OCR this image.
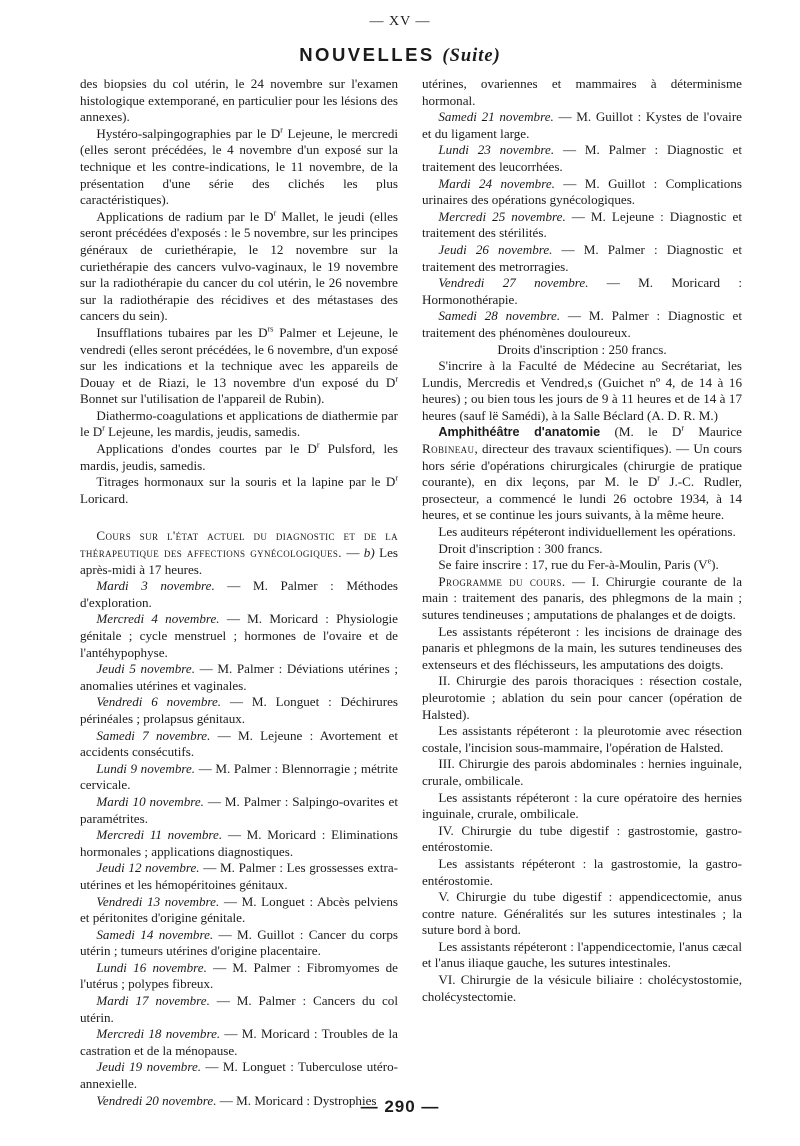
— XV —
NOUVELLES (Suite)

des biopsies du col utérin, le 24 novembre sur l'examen histologique extemporané, en particulier pour les lésions des annexes).

Hystéro-salpingographies par le $D^r$ Lejeune, le mercredi (elles seront précédées, le 4 novembre d'un exposé sur la technique et les contre-indications, le 11 novembre, de la présentation d'une série des clichés les plus caractéristiques).

Applications de radium par le $D^r$ Mallet, le jeudi (elles seront précédées d'exposés : le 5 novembre, sur les principes généraux de curiethérapie, le 12 novembre sur la curiethérapie des cancers vulvo-vaginaux, le 19 novembre sur la radiothérapie du cancer du col utérin, le 26 novembre sur la radiothérapie des récidives et des métastases des cancers du sein).

Insufflations tubaires par les $D^{rs}$ Palmer et Lejeune, le vendredi (elles seront précédées, le 6 novembre, d'un exposé sur les indications et la technique avec les appareils de Douay et de Riazi, le 13 novembre d'un exposé du $D^r$ Bonnet sur l'utilisation de l'appareil de Rubin).

Diathermo-coagulations et applications de diathermie par le $D^r$ Lejeune, les mardis, jeudis, samedis.

Applications d'ondes courtes par le $D^r$ Pulsford, les mardis, jeudis, samedis.

Titrages hormonaux sur la souris et la lapine par le $D^r$ Loricard.

Cours sur l'état actuel du diagnostic et de la thérapeutique des affections gynécologiques. — b) Les après-midi à 17 heures.

Mardi 3 novembre. — M. Palmer : Méthodes d'exploration.

Mercredi 4 novembre. — M. Moricard : Physiologie génitale ; cycle menstruel ; hormones de l'ovaire et de l'antéhypophyse.

Jeudi 5 novembre. — M. Palmer : Déviations utérines ; anomalies utérines et vaginales.

Vendredi 6 novembre. — M. Longuet : Déchirures périnéales ; prolapsus génitaux.

Samedi 7 novembre. — M. Lejeune : Avortement et accidents consécutifs.

Lundi 9 novembre. — M. Palmer : Blennorragie ; métrite cervicale.

Mardi 10 novembre. — M. Palmer : Salpingo-ovarites et paramétrites.

Mercredi 11 novembre. — M. Moricard : Eliminations hormonales ; applications diagnostiques.

Jeudi 12 novembre. — M. Palmer : Les grossesses extra-utérines et les hémopéritoines génitaux.

Vendredi 13 novembre. — M. Longuet : Abcès pelviens et péritonites d'origine génitale.

Samedi 14 novembre. — M. Guillot : Cancer du corps utérin ; tumeurs utérines d'origine placentaire.

Lundi 16 novembre. — M. Palmer : Fibromyomes de l'utérus ; polypes fibreux.

Mardi 17 novembre. — M. Palmer : Cancers du col utérin.

Mercredi 18 novembre. — M. Moricard : Troubles de la castration et de la ménopause.

Jeudi 19 novembre. — M. Longuet : Tuberculose utéro-annexielle.

Vendredi 20 novembre. — M. Moricard : Dystrophies

utérines, ovariennes et mammaires à déterminisme hormonal.

Samedi 21 novembre. — M. Guillot : Kystes de l'ovaire et du ligament large.

Lundi 23 novembre. — M. Palmer : Diagnostic et traitement des leucorrhées.

Mardi 24 novembre. — M. Guillot : Complications urinaires des opérations gynécologiques.

Mercredi 25 novembre. — M. Lejeune : Diagnostic et traitement des stérilités.

Jeudi 26 novembre. — M. Palmer : Diagnostic et traitement des metrorragies.

Vendredi 27 novembre. — M. Moricard : Hormonothérapie.

Samedi 28 novembre. — M. Palmer : Diagnostic et traitement des phénomènes douloureux.

Droits d'inscription : 250 francs.

S'incrire à la Faculté de Médecine au Secrétariat, les Lundis, Mercredis et Vendred,s (Guichet nº 4, de 14 à 16 heures) ; ou bien tous les jours de 9 à 11 heures et de 14 à 17 heures (sauf lë Samédi), à la Salle Béclard (A. D. R. M.)

Amphithéâtre d'anatomie (M. le $D^r$ Maurice Robineau, directeur des travaux scientifiques). — Un cours hors série d'opérations chirurgicales (chirurgie de pratique courante), en dix leçons, par M. le $D^r$ J.-C. Rudler, prosecteur, a commencé le lundi 26 octobre 1934, à 14 heures, et se continue les jours suivants, à la même heure.

Les auditeurs répéteront individuellement les opérations.

Droit d'inscription : 300 francs.

Se faire inscrire : 17, rue du Fer-à-Moulin, Paris (Ve).

Programme du cours. — I. Chirurgie courante de la main : traitement des panaris, des phlegmons de la main ; sutures tendineuses ; amputations de phalanges et de doigts.

Les assistants répéteront : les incisions de drainage des panaris et phlegmons de la main, les sutures tendineuses des extenseurs et des fléchisseurs, les amputations des doigts.

II. Chirurgie des parois thoraciques : résection costale, pleurotomie ; ablation du sein pour cancer (opération de Halsted).

Les assistants répéteront : la pleurotomie avec résection costale, l'incision sous-mammaire, l'opération de Halsted.

III. Chirurgie des parois abdominales : hernies inguinale, crurale, ombilicale.

Les assistants répéteront : la cure opératoire des hernies inguinale, crurale, ombilicale.

IV. Chirurgie du tube digestif : gastrostomie, gastro-entérostomie.

Les assistants répéteront : la gastrostomie, la gastro-entérostomie.

V. Chirurgie du tube digestif : appendicectomie, anus contre nature. Généralités sur les sutures intestinales ; la suture bord à bord.

Les assistants répéteront : l'appendicectomie, l'anus cæcal et l'anus iliaque gauche, les sutures intestinales.

VI. Chirurgie de la vésicule biliaire : cholécystostomie, cholécystectomie.

— 290 —
